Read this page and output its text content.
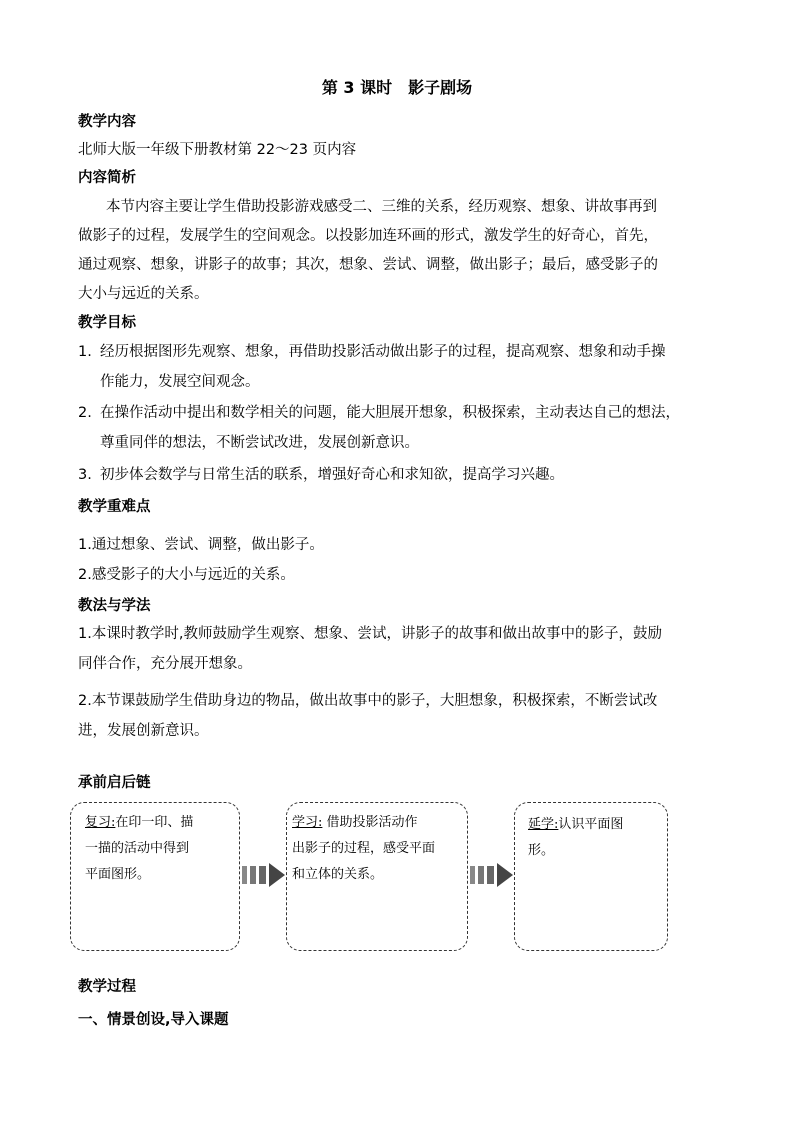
第 3 课时　影子剧场
教学内容
北师大版一年级下册教材第 22～23 页内容
内容简析
本节内容主要让学生借助投影游戏感受二、三维的关系，经历观察、想象、讲故事再到
做影子的过程，发展学生的空间观念。以投影加连环画的形式，激发学生的好奇心，首先，
通过观察、想象，讲影子的故事；其次，想象、尝试、调整，做出影子；最后，感受影子的
大小与远近的关系。
教学目标
1. 经历根据图形先观察、想象，再借助投影活动做出影子的过程，提高观察、想象和动手操
作能力，发展空间观念。
2. 在操作活动中提出和数学相关的问题，能大胆展开想象，积极探索，主动表达自己的想法，
尊重同伴的想法，不断尝试改进，发展创新意识。
3. 初步体会数学与日常生活的联系，增强好奇心和求知欲，提高学习兴趣。
教学重难点
1.通过想象、尝试、调整，做出影子。
2.感受影子的大小与远近的关系。
教法与学法
1.本课时教学时,教师鼓励学生观察、想象、尝试，讲影子的故事和做出故事中的影子，鼓励
同伴合作，充分展开想象。
2.本节课鼓励学生借助身边的物品，做出故事中的影子，大胆想象，积极探索，不断尝试改
进，发展创新意识。
承前启后链
复习:在印一印、描
一描的活动中得到
平面图形。
学习: 借助投影活动作
出影子的过程，感受平面
和立体的关系。
延学:认识平面图
形。
教学过程
一、情景创设,导入课题
